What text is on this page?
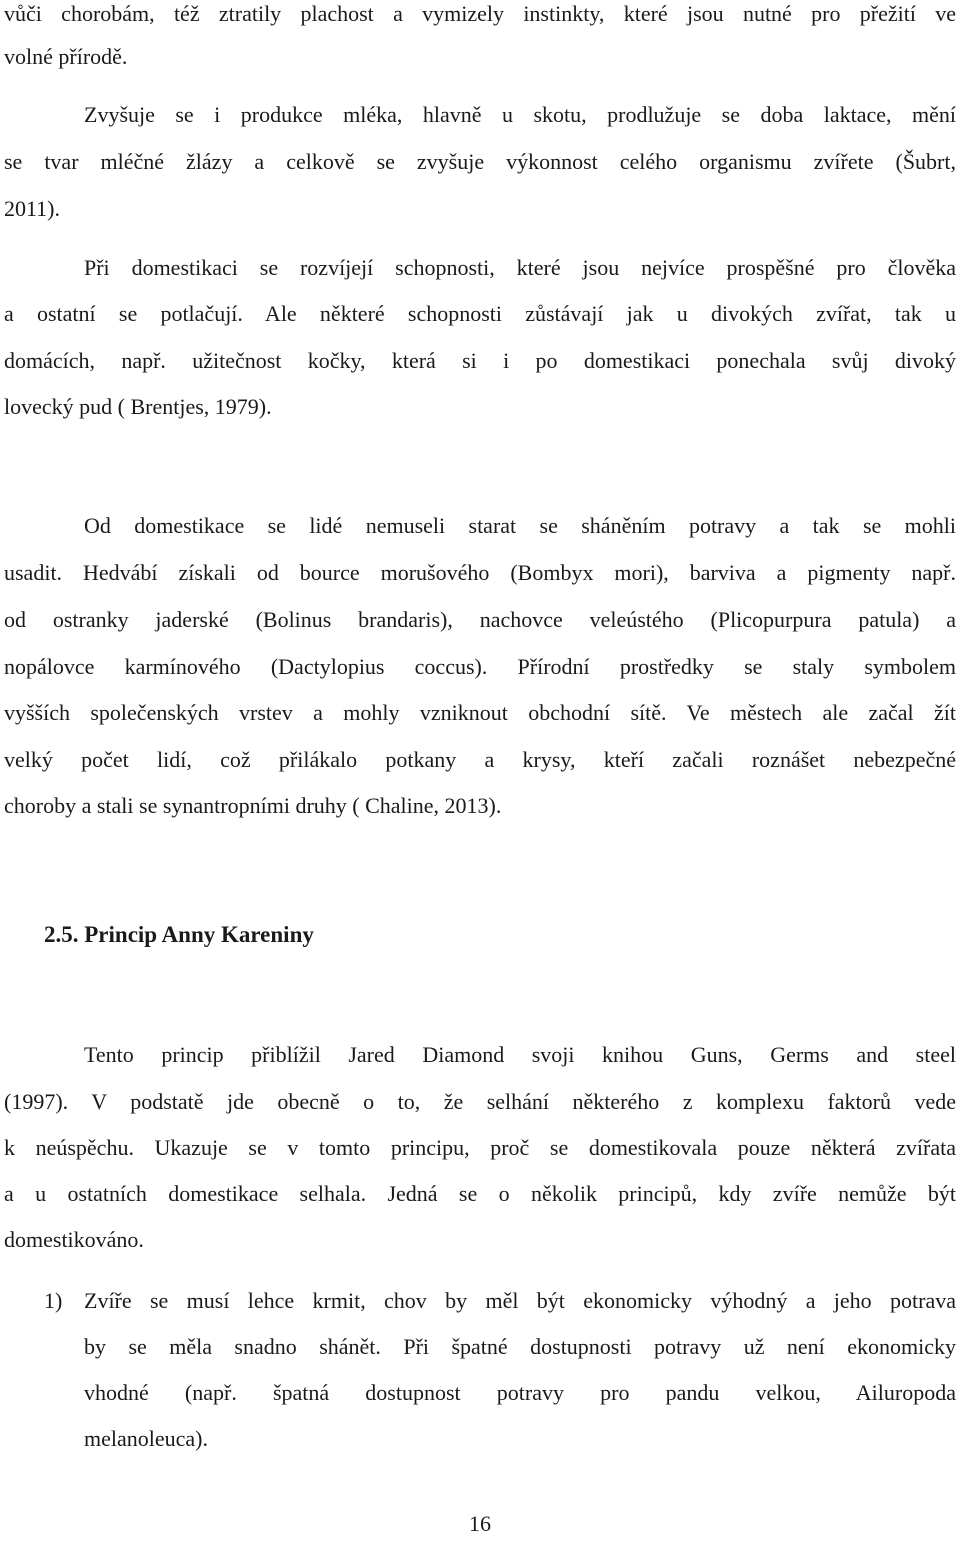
vůči chorobám, též ztratily plachost a vymizely instinkty, které jsou nutné pro přežití ve

volné přírodě.

Zvyšuje se i produkce mléka, hlavně u skotu, prodlužuje se doba laktace, mění

se tvar mléčné žlázy a celkově se zvyšuje výkonnost celého organismu zvířete (Šubrt,

2011).

Při domestikaci se rozvíjejí schopnosti, které jsou nejvíce prospěšné pro člověka

a ostatní se potlačují. Ale některé schopnosti zůstávají jak u divokých zvířat, tak u

domácích, např. užitečnost kočky, která si i po domestikaci ponechala svůj divoký

lovecký pud ( Brentjes, 1979).

Od domestikace se lidé nemuseli starat se sháněním potravy a tak se mohli

usadit. Hedvábí získali od bource morušového (Bombyx mori), barviva a pigmenty např.

od ostranky jaderské (Bolinus brandaris), nachovce veleústého (Plicopurpura patula) a

nopálovce karmínového (Dactylopius coccus). Přírodní prostředky se staly symbolem

vyšších společenských vrstev a mohly vzniknout obchodní sítě. Ve městech ale začal žít

velký počet lidí, což přilákalo potkany a krysy, kteří začali roznášet nebezpečné

choroby a stali se synantropními druhy ( Chaline, 2013).

2.5. Princip Anny Kareniny

Tento princip přiblížil Jared Diamond svoji knihou Guns, Germs and steel

(1997). V podstatě jde obecně o to, že selhání některého z komplexu faktorů vede

k neúspěchu. Ukazuje se v tomto principu, proč se domestikovala pouze některá zvířata

a u ostatních domestikace selhala. Jedná se o několik principů, kdy zvíře nemůže být

domestikováno.

1) Zvíře se musí lehce krmit, chov by měl být ekonomicky výhodný a jeho potrava

by se měla snadno shánět. Při špatné dostupnosti potravy už není ekonomicky

vhodné (např. špatná dostupnost potravy pro pandu velkou, Ailuropoda

melanoleuca).

16
